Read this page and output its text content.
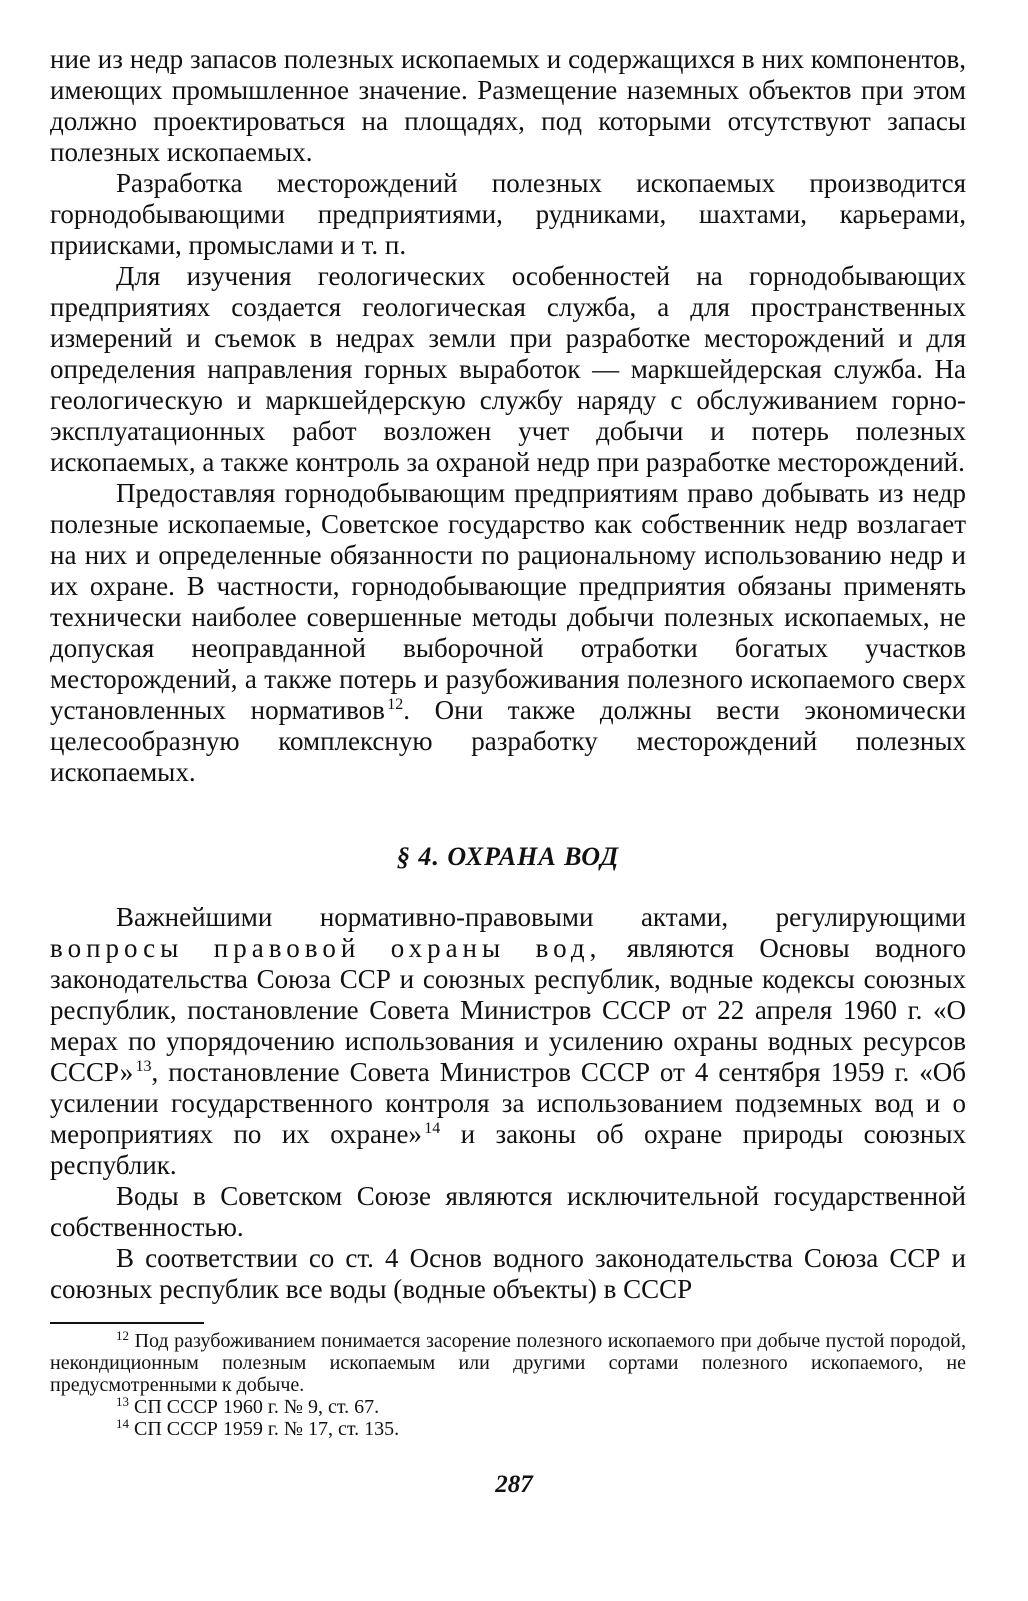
ние из недр запасов полезных ископаемых и содержащихся в них компонентов, имеющих промышленное значение. Размещение наземных объектов при этом должно проектироваться на площадях, под которыми отсутствуют запасы полезных ископаемых.

Разработка месторождений полезных ископаемых производится горнодобывающими предприятиями, рудниками, шахтами, карьерами, приисками, промыслами и т. п.

Для изучения геологических особенностей на горнодобывающих предприятиях создается геологическая служба, а для пространственных измерений и съемок в недрах земли при разработке месторождений и для определения направления горных выработок — маркшейдерская служба. На геологическую и маркшейдерскую службу наряду с обслуживанием горно-эксплуатационных работ возложен учет добычи и потерь полезных ископаемых, а также контроль за охраной недр при разработке месторождений.

Предоставляя горнодобывающим предприятиям право добывать из недр полезные ископаемые, Советское государство как собственник недр возлагает на них и определенные обязанности по рациональному использованию недр и их охране. В частности, горнодобывающие предприятия обязаны применять технически наиболее совершенные методы добычи полезных ископаемых, не допуская неоправданной выборочной отработки богатых участков месторождений, а также потерь и разубоживания полезного ископаемого сверх установленных нормативов  $^{12}$. Они также должны вести экономически целесообразную комплексную разработку месторождений полезных ископаемых.

§ 4. ОХРАНА ВОД

Важнейшими нормативно-правовыми актами, регулирующими вопросы правовой охраны вод, являются Основы водного законодательства Союза ССР и союзных республик, водные кодексы союзных республик, постановление Совета Министров СССР от 22 апреля 1960 г. «О мерах по упорядочению использования и усилению охраны водных ресурсов СССР»  $^{13}$, постановление Совета Министров СССР от 4 сентября 1959 г. «Об усилении государственного контроля за использованием подземных вод и о мероприятиях по их охране»  $^{14}$ и законы об охране природы союзных республик.

Воды в Советском Союзе являются исключительной государственной собственностью.

В соответствии со ст. 4 Основ водного законодательства Союза ССР и союзных республик все воды (водные объекты) в СССР

$^{12}$ Под разубоживанием понимается засорение полезного ископаемого при добыче пустой породой, некондиционным полезным ископаемым или другими сортами полезного ископаемого, не предусмотренными к добыче.

$^{13}$ СП СССР 1960 г. № 9, ст. 67.

$^{14}$ СП СССР 1959 г. № 17, ст. 135.

287
